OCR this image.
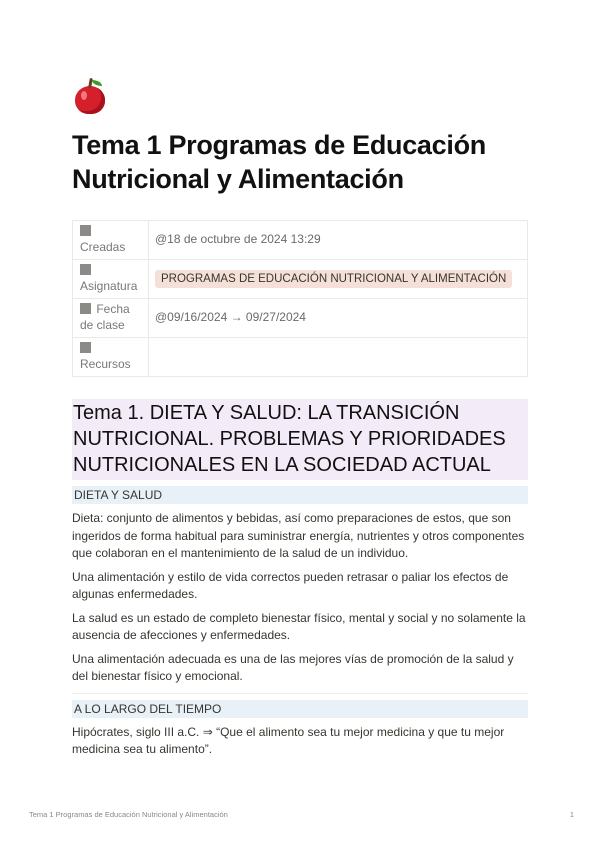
Tema 1 Programas de Educación Nutricional y Alimentación

Creadas	@18 de octubre de 2024 13:29

Asignatura	PROGRAMAS DE EDUCACIÓN NUTRICIONAL Y ALIMENTACIÓN
Fecha de clase	@09/16/2024 → 09/27/2024

Recursos	
Tema 1. DIETA Y SALUD: LA TRANSICIÓN NUTRICIONAL. PROBLEMAS Y PRIORIDADES NUTRICIONALES EN LA SOCIEDAD ACTUAL
DIETA Y SALUD

Dieta: conjunto de alimentos y bebidas, así como preparaciones de estos, que son ingeridos de forma habitual para suministrar energía, nutrientes y otros componentes que colaboran en el mantenimiento de la salud de un individuo.

Una alimentación y estilo de vida correctos pueden retrasar o paliar los efectos de algunas enfermedades.

La salud es un estado de completo bienestar físico, mental y social y no solamente la ausencia de afecciones y enfermedades.

Una alimentación adecuada es una de las mejores vías de promoción de la salud y del bienestar físico y emocional.

A LO LARGO DEL TIEMPO

Hipócrates, siglo III a.C. ⇒ “Que el alimento sea tu mejor medicina y que tu mejor medicina sea tu alimento”.

Tema 1 Programas de Educación Nutricional y Alimentación	1
